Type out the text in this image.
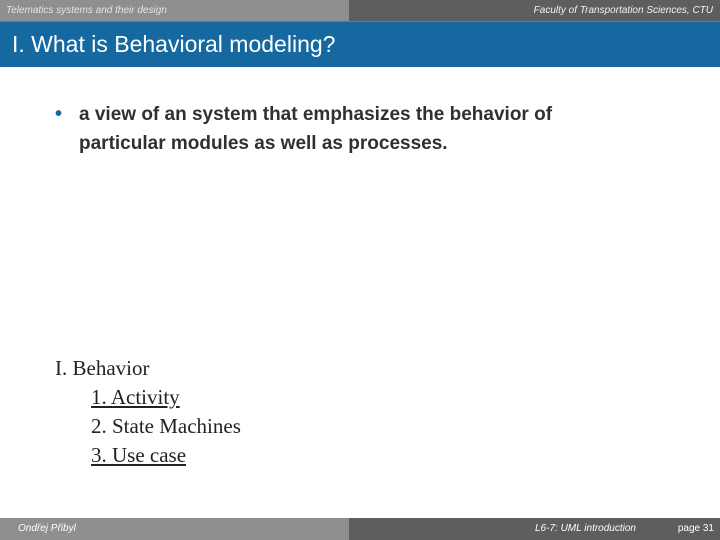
Telematics systems and their design	Faculty of Transportation Sciences, CTU
I. What is Behavioral modeling?
• a view of an system that emphasizes the behavior of
particular modules as well as processes.
I. Behavior
1. Activity
2. State Machines
3. Use case
Ondřej Přibyl	L6-7: UML introduction	page 31
